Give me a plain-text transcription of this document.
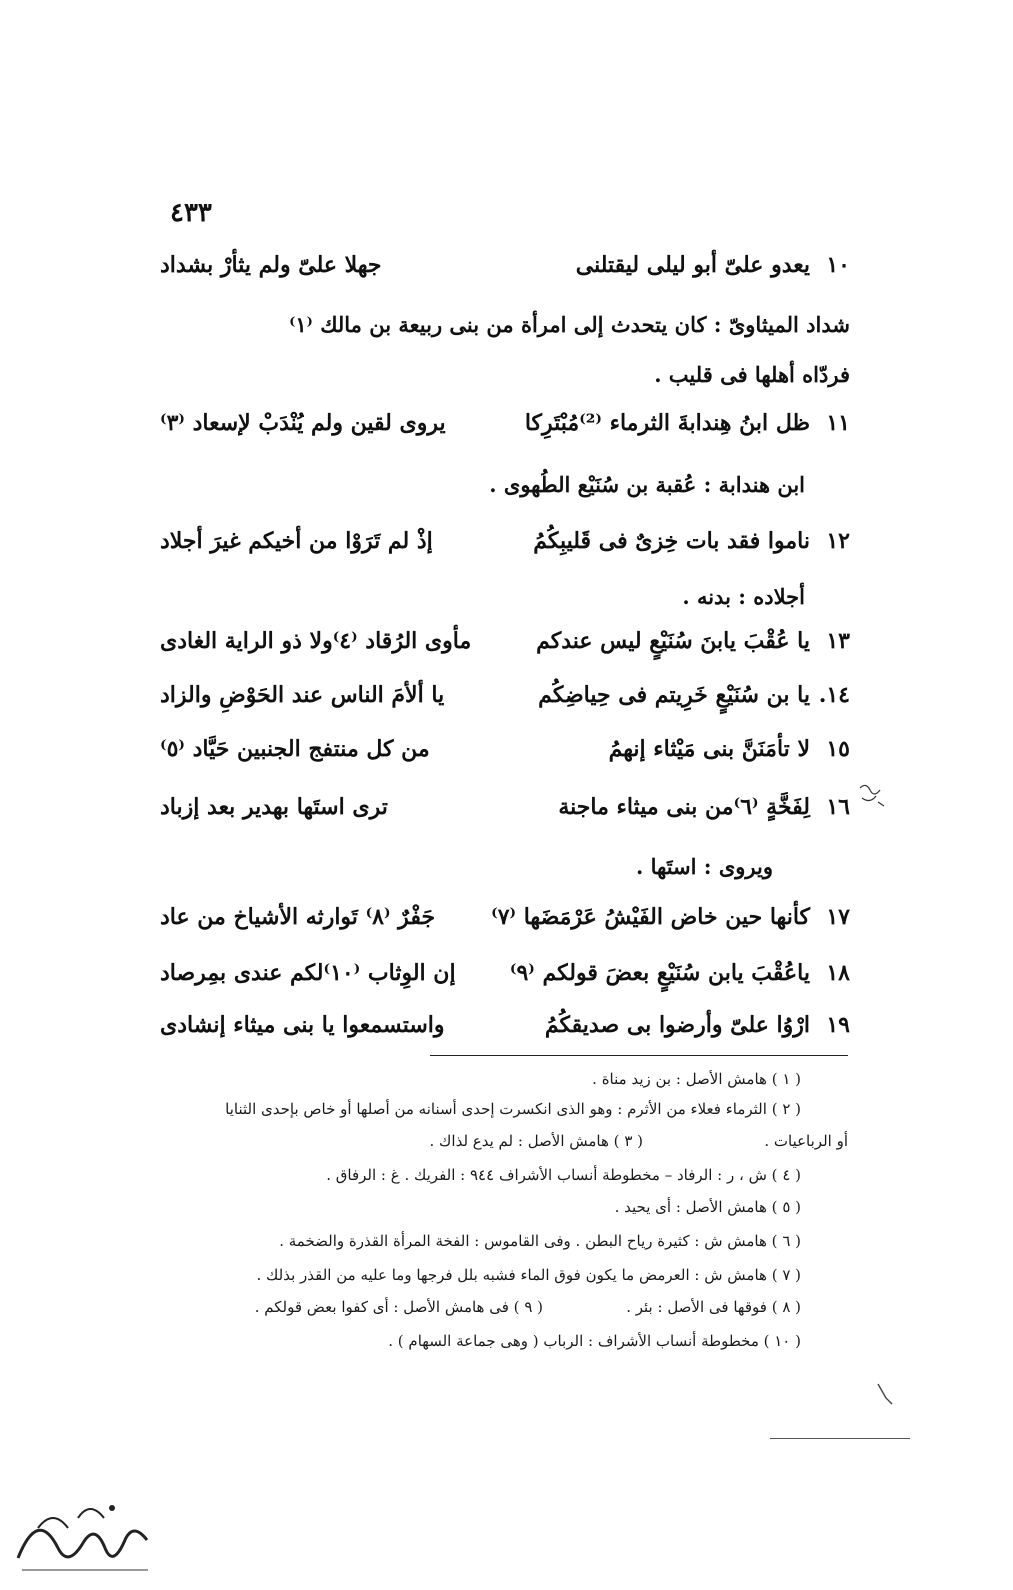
٤٣٣
١٠
يعدو علىّ أبو ليلى ليقتلنى
جهلا علىّ ولم يثأرْ بشداد
شداد الميثاوىّ : كان يتحدث إلى امرأة من بنى ربيعة بن مالك ⁽١⁾
فردّاه أهلها فى قليب .
١١
ظل ابنُ هِندابةَ الثرماء ⁽²⁾مُبْتَرِكا
يروى لقين ولم يُنْدَبْ لإسعاد ⁽٣⁾
ابن هندابة : عُقبة بن سُنَيْع الطُهوى .
١٢
ناموا فقد بات خِزىٌ فى قَليبِكُمُ
إذْ لم تَرَوْا من أخيكم غيرَ أجلاد
أجلاده : بدنه .
١٣
يا عُقْبَ يابنَ سُنَيْعٍ ليس عندكم
مأوى الرُقاد ⁽٤⁾ولا ذو الراية الغادى
١٤.
يا بن سُنَيْعٍ خَرِيتم فى حِياضِكُم
يا ألأمَ الناس عند الحَوْضِ والزاد
١٥
لا تأمَنَنَّ بنى مَيْثاء إنهمُ
من كل منتفج الجنبين حَيَّاد ⁽٥⁾
١٦
لِفَخَّةٍ ⁽٦⁾من بنى ميثاء ماجنة
ترى استَها بهدير بعد إزباد
ويروى : استَها .
١٧
كأنها حين خاض الفَيْشُ عَرْمَضَها ⁽٧⁾
جَفْرٌ ⁽٨⁾ تَوارثه الأشياخ من عاد
١٨
ياعُقْبَ يابن سُنَيْعٍ بعضَ قولكم ⁽٩⁾
إن الوِثاب ⁽١٠⁾لكم عندى بمِرصاد
١٩
ارْوُا علىّ وأرضوا بى صديقكُمُ
واستسمعوا يا بنى ميثاء إنشادى
( ١ ) هامش الأصل : بن زيد مناة .
( ٢ ) الثرماء فعلاء من الأثرم : وهو الذى انكسرت إحدى أسنانه من أصلها أو خاص بإحدى الثنايا
أو الرباعيات .
( ٣ ) هامش الأصل : لم يدع لذاك .
( ٤ ) ش ، ر : الرفاد – مخطوطة أنساب الأشراف ٩٤٤ : الفريك . غ : الرفاق .
( ٥ ) هامش الأصل : أى يحيد .
( ٦ ) هامش ش : كثيرة رياح البطن . وفى القاموس : الفخة المرأة القذرة والضخمة .
( ٧ ) هامش ش : العرمض ما يكون فوق الماء فشبه بلل فرجها وما عليه من القذر بذلك .
( ٨ ) فوقها فى الأصل : بئر .
( ٩ ) فى هامش الأصل : أى كفوا بعض قولكم .
( ١٠ ) مخطوطة أنساب الأشراف : الرباب ( وهى جماعة السهام ) .
